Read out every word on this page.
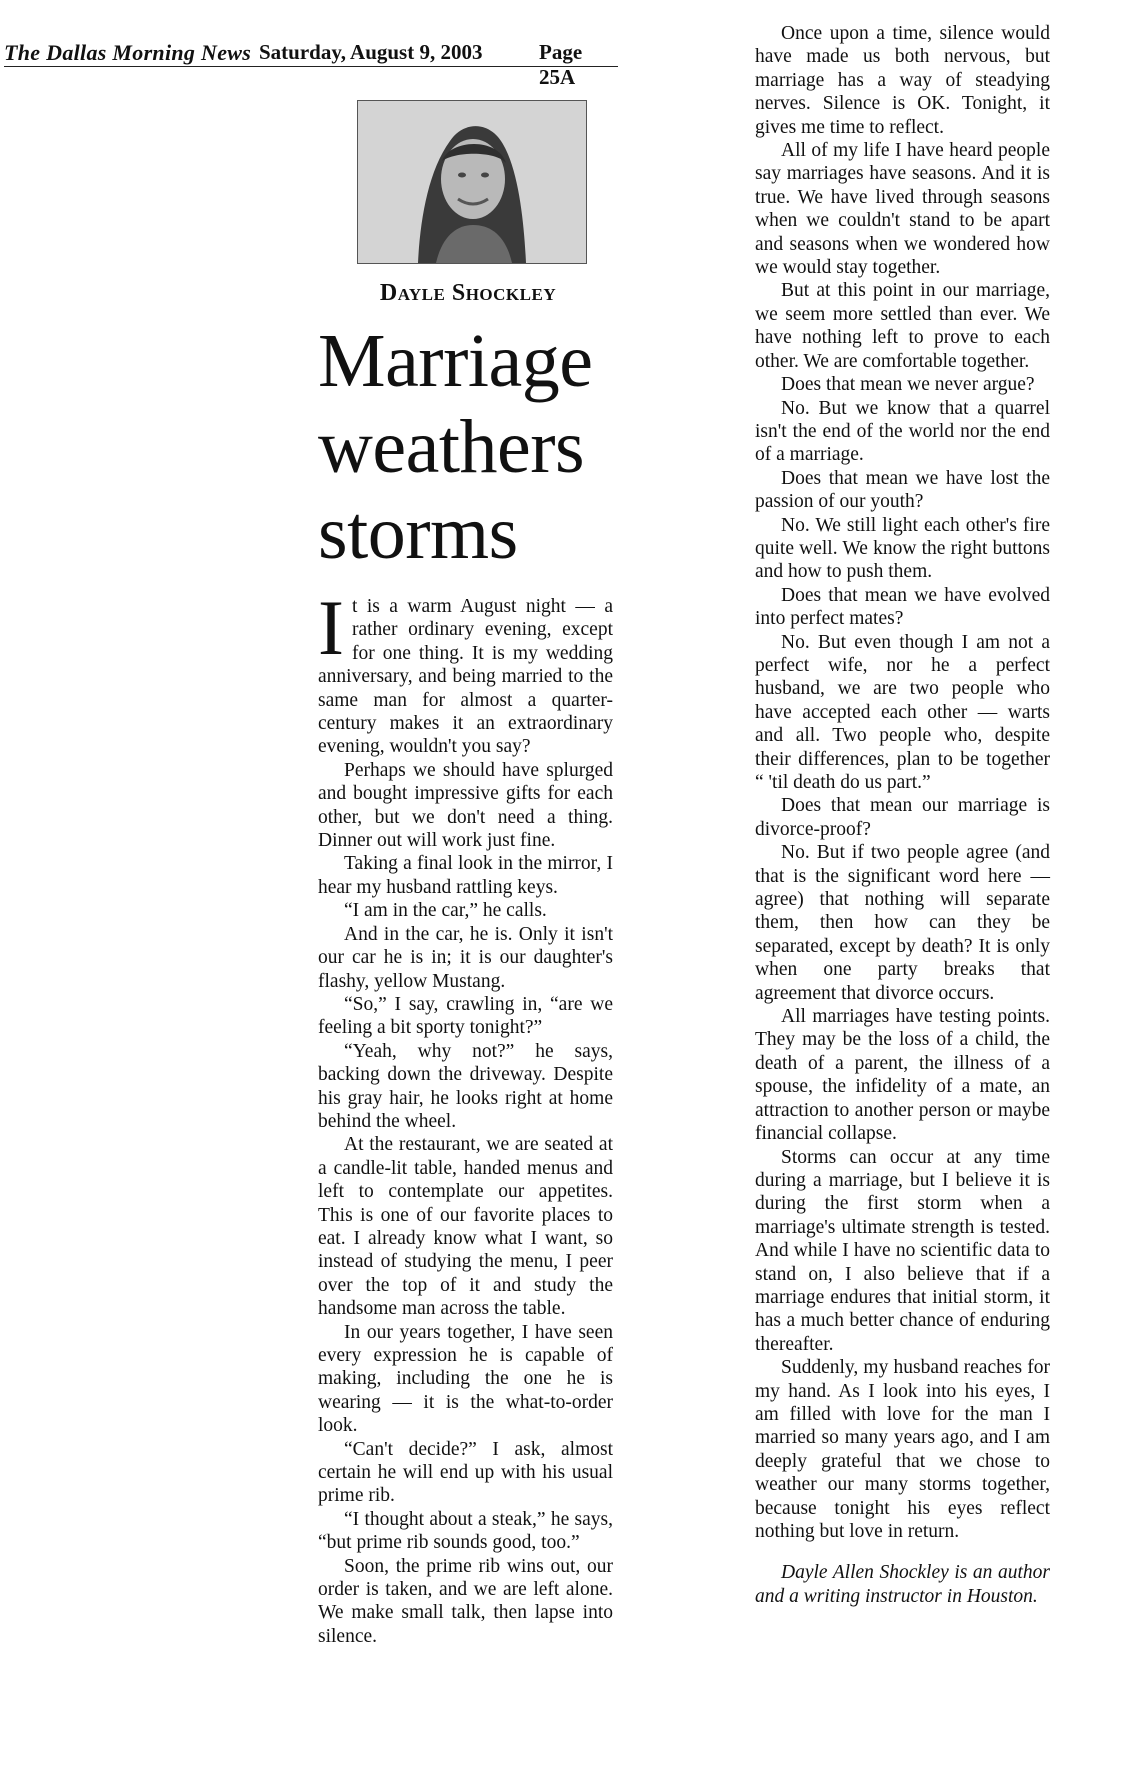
The Dallas Morning News Saturday, August 9, 2003	Page 25A
Dayle Shockley
Marriage
weathers
storms

It is a warm August night — a rather ordinary evening, except for one thing. It is my wedding anniversary, and being married to the same man for almost a quarter-century makes it an extraordinary evening, wouldn't you say?

Perhaps we should have splurged and bought impressive gifts for each other, but we don't need a thing. Dinner out will work just fine.

Taking a final look in the mirror, I hear my husband rattling keys.

“I am in the car,” he calls.

And in the car, he is. Only it isn't our car he is in; it is our daughter's flashy, yellow Mustang.

“So,” I say, crawling in, “are we feeling a bit sporty tonight?”

“Yeah, why not?” he says, backing down the driveway. Despite his gray hair, he looks right at home behind the wheel.

At the restaurant, we are seated at a candle-lit table, handed menus and left to contemplate our appetites. This is one of our favorite places to eat. I already know what I want, so instead of studying the menu, I peer over the top of it and study the handsome man across the table.

In our years together, I have seen every expression he is capable of making, including the one he is wearing — it is the what-to-order look.

“Can't decide?” I ask, almost certain he will end up with his usual prime rib.

“I thought about a steak,” he says, “but prime rib sounds good, too.”

Soon, the prime rib wins out, our order is taken, and we are left alone. We make small talk, then lapse into silence.

Once upon a time, silence would have made us both nervous, but marriage has a way of steadying nerves. Silence is OK. Tonight, it gives me time to reflect.

All of my life I have heard people say marriages have seasons. And it is true. We have lived through seasons when we couldn't stand to be apart and seasons when we wondered how we would stay together.

But at this point in our marriage, we seem more settled than ever. We have nothing left to prove to each other. We are comfortable together.

Does that mean we never argue?

No. But we know that a quarrel isn't the end of the world nor the end of a marriage.

Does that mean we have lost the passion of our youth?

No. We still light each other's fire quite well. We know the right buttons and how to push them.

Does that mean we have evolved into perfect mates?

No. But even though I am not a perfect wife, nor he a perfect husband, we are two people who have accepted each other — warts and all. Two people who, despite their differences, plan to be together “ 'til death do us part.”

Does that mean our marriage is divorce-proof?

No. But if two people agree (and that is the significant word here — agree) that nothing will separate them, then how can they be separated, except by death? It is only when one party breaks that agreement that divorce occurs.

All marriages have testing points. They may be the loss of a child, the death of a parent, the illness of a spouse, the infidelity of a mate, an attraction to another person or maybe financial collapse.

Storms can occur at any time during a marriage, but I believe it is during the first storm when a marriage's ultimate strength is tested. And while I have no scientific data to stand on, I also believe that if a marriage endures that initial storm, it has a much better chance of enduring thereafter.

Suddenly, my husband reaches for my hand. As I look into his eyes, I am filled with love for the man I married so many years ago, and I am deeply grateful that we chose to weather our many storms together, because tonight his eyes reflect nothing but love in return.

Dayle Allen Shockley is an author and a writing instructor in Houston.
